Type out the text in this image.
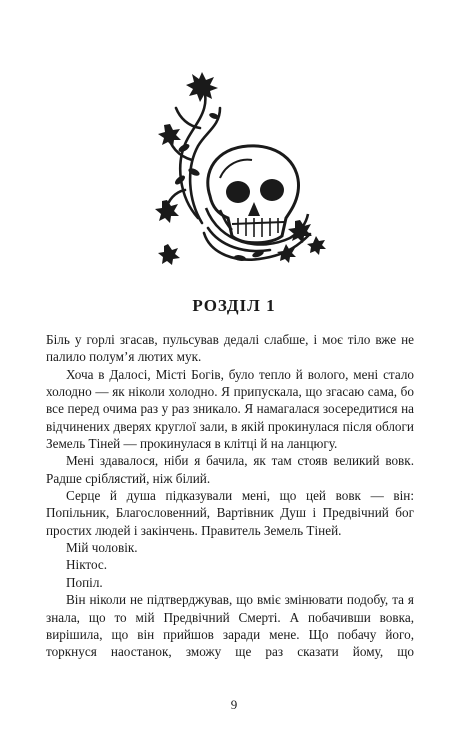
РОЗДІЛ 1

Біль у горлі згасав, пульсував дедалі слабше, і моє тіло вже не палило полум’я лютих мук.

Хоча в Далосі, Місті Богів, було тепло й волого, мені стало холодно — як ніколи холодно. Я припускала, що згасаю сама, бо все перед очима раз у раз зникало. Я намагалася зосередитися на відчинених дверях круглої зали, в якій прокинулася після облоги Земель Тіней — прокинулася в клітці й на ланцюгу.

Мені здавалося, ніби я бачила, як там стояв великий вовк. Радше сріблястий, ніж білий.

Серце й душа підказували мені, що цей вовк — він: Попільник, Благословенний, Вартівник Душ і Предвічний бог простих людей і закінчень. Правитель Земель Тіней.

Мій чоловік.

Ніктос.

Попіл.

Він ніколи не підтверджував, що вміє змінювати подобу, та я знала, що то мій Предвічний Смерті. А побачивши вовка, вирішила, що він прийшов заради мене. Що побачу його, торкнуся наостанок, зможу ще раз сказати йому, що

9
